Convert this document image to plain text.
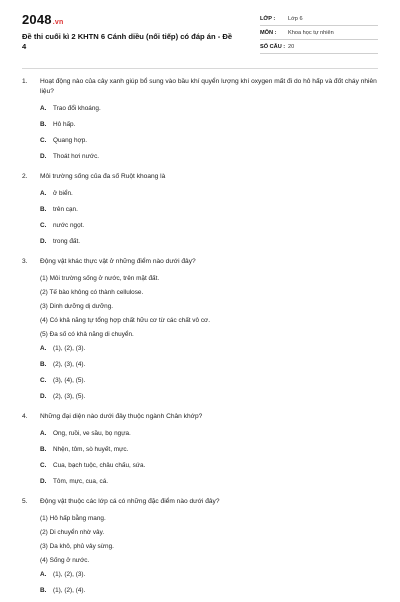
2048.vn
Đề thi cuối kì 2 KHTN 6 Cánh diều (nối tiếp) có đáp án - Đề 4
LỚP :	Lớp 6
MÔN :	Khoa học tự nhiên
SỐ CÂU : 20
1.	Hoạt động nào của cây xanh giúp bổ sung vào bầu khí quyển lượng khí oxygen mất đi do hô hấp và đốt cháy nhiên liệu?
A.	Trao đổi khoáng.
B.	Hô hấp.
C.	Quang hợp.
D.	Thoát hơi nước.
2.	Môi trường sống của đa số Ruột khoang là
A.	ở biển.
B.	trên cạn.
C.	nước ngọt.
D.	trong đất.
3.	Động vật khác thực vật ở những điểm nào dưới đây?
(1) Môi trường sống ở nước, trên mặt đất.
(2) Tế bào không có thành cellulose.
(3) Dinh dưỡng dị dưỡng.
(4) Có khả năng tự tổng hợp chất hữu cơ từ các chất vô cơ.
(5) Đa số có khả năng di chuyển.
A.	(1), (2), (3).
B.	(2), (3), (4).
C.	(3), (4), (5).
D.	(2), (3), (5).
4.	Những đại diện nào dưới đây thuộc ngành Chân khớp?
A.	Ong, ruồi, ve sầu, bọ ngựa.
B.	Nhện, tôm, sò huyết, mực.
C.	Cua, bạch tuộc, châu chấu, sứa.
D.	Tôm, mực, cua, cá.
5.	Động vật thuộc các lớp cá có những đặc điểm nào dưới đây?
(1) Hô hấp bằng mang.
(2) Di chuyển nhờ vây.
(3) Da khô, phủ vảy sừng.
(4) Sống ở nước.
A.	(1), (2), (3).
B.	(1), (2), (4).
